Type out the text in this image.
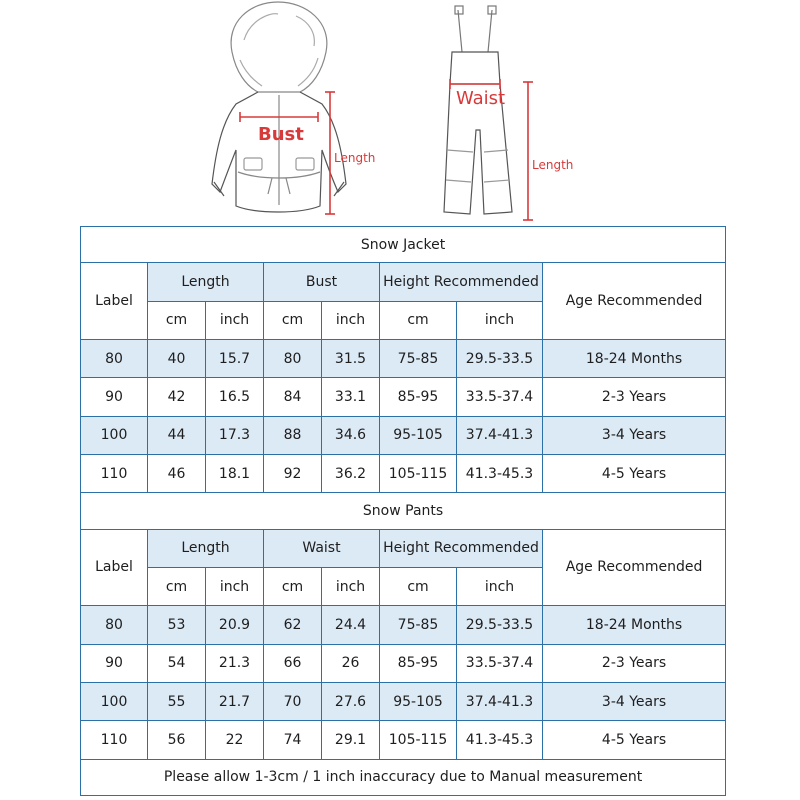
Bust
Length
Waist
Length
Snow Jacket							
Label	Length		Bust		Height Recommended		Age Recommended
	cm	inch	cm	inch	cm	inch	
80	40	15.7	80	31.5	75-85	29.5-33.5	18-24 Months
90	42	16.5	84	33.1	85-95	33.5-37.4	2-3 Years
100	44	17.3	88	34.6	95-105	37.4-41.3	3-4 Years
110	46	18.1	92	36.2	105-115	41.3-45.3	4-5 Years
Snow Pants							
Label	Length		Waist		Height Recommended		Age Recommended
	cm	inch	cm	inch	cm	inch	
80	53	20.9	62	24.4	75-85	29.5-33.5	18-24 Months
90	54	21.3	66	26	85-95	33.5-37.4	2-3 Years
100	55	21.7	70	27.6	95-105	37.4-41.3	3-4 Years
110	56	22	74	29.1	105-115	41.3-45.3	4-5 Years
Please allow 1-3cm / 1 inch inaccuracy due to Manual measurement							
